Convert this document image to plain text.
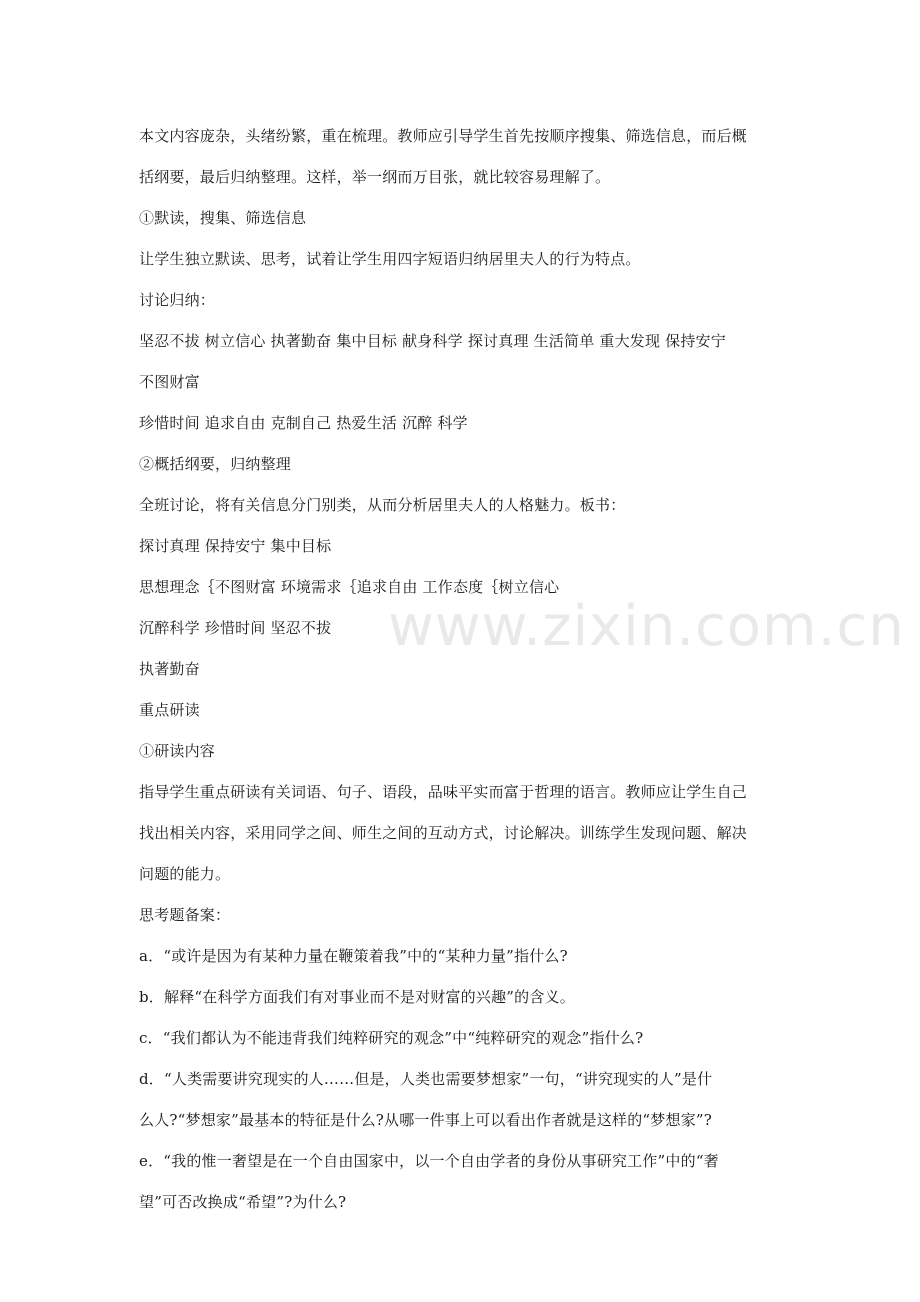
本文内容庞杂，头绪纷繁，重在梳理。教师应引导学生首先按顺序搜集、筛选信息，而后概
括纲要，最后归纳整理。这样，举一纲而万目张，就比较容易理解了。
①默读，搜集、筛选信息
让学生独立默读、思考，试着让学生用四字短语归纳居里夫人的行为特点。
讨论归纳：
坚忍不拔 树立信心 执著勤奋 集中目标 献身科学 探讨真理 生活简单 重大发现 保持安宁
不图财富
珍惜时间 追求自由 克制自己 热爱生活 沉醉 科学
②概括纲要，归纳整理
全班讨论，将有关信息分门别类，从而分析居里夫人的人格魅力。板书：
探讨真理 保持安宁 集中目标
思想理念｛不图财富 环境需求｛追求自由 工作态度｛树立信心
沉醉科学 珍惜时间 坚忍不拔
执著勤奋
重点研读
①研读内容
指导学生重点研读有关词语、句子、语段，品味平实而富于哲理的语言。教师应让学生自己
找出相关内容，采用同学之间、师生之间的互动方式，讨论解决。训练学生发现问题、解决
问题的能力。
思考题备案：
a．“或许是因为有某种力量在鞭策着我”中的“某种力量”指什么?
b．解释“在科学方面我们有对事业而不是对财富的兴趣”的含义。
c．“我们都认为不能违背我们纯粹研究的观念”中“纯粹研究的观念”指什么?
d．“人类需要讲究现实的人……但是，人类也需要梦想家”一句，“讲究现实的人”是什
么人?“梦想家”最基本的特征是什么?从哪一件事上可以看出作者就是这样的“梦想家”?
e．“我的惟一奢望是在一个自由国家中，以一个自由学者的身份从事研究工作”中的“奢
望”可否改换成“希望”?为什么?
www.zixin.com.cn
